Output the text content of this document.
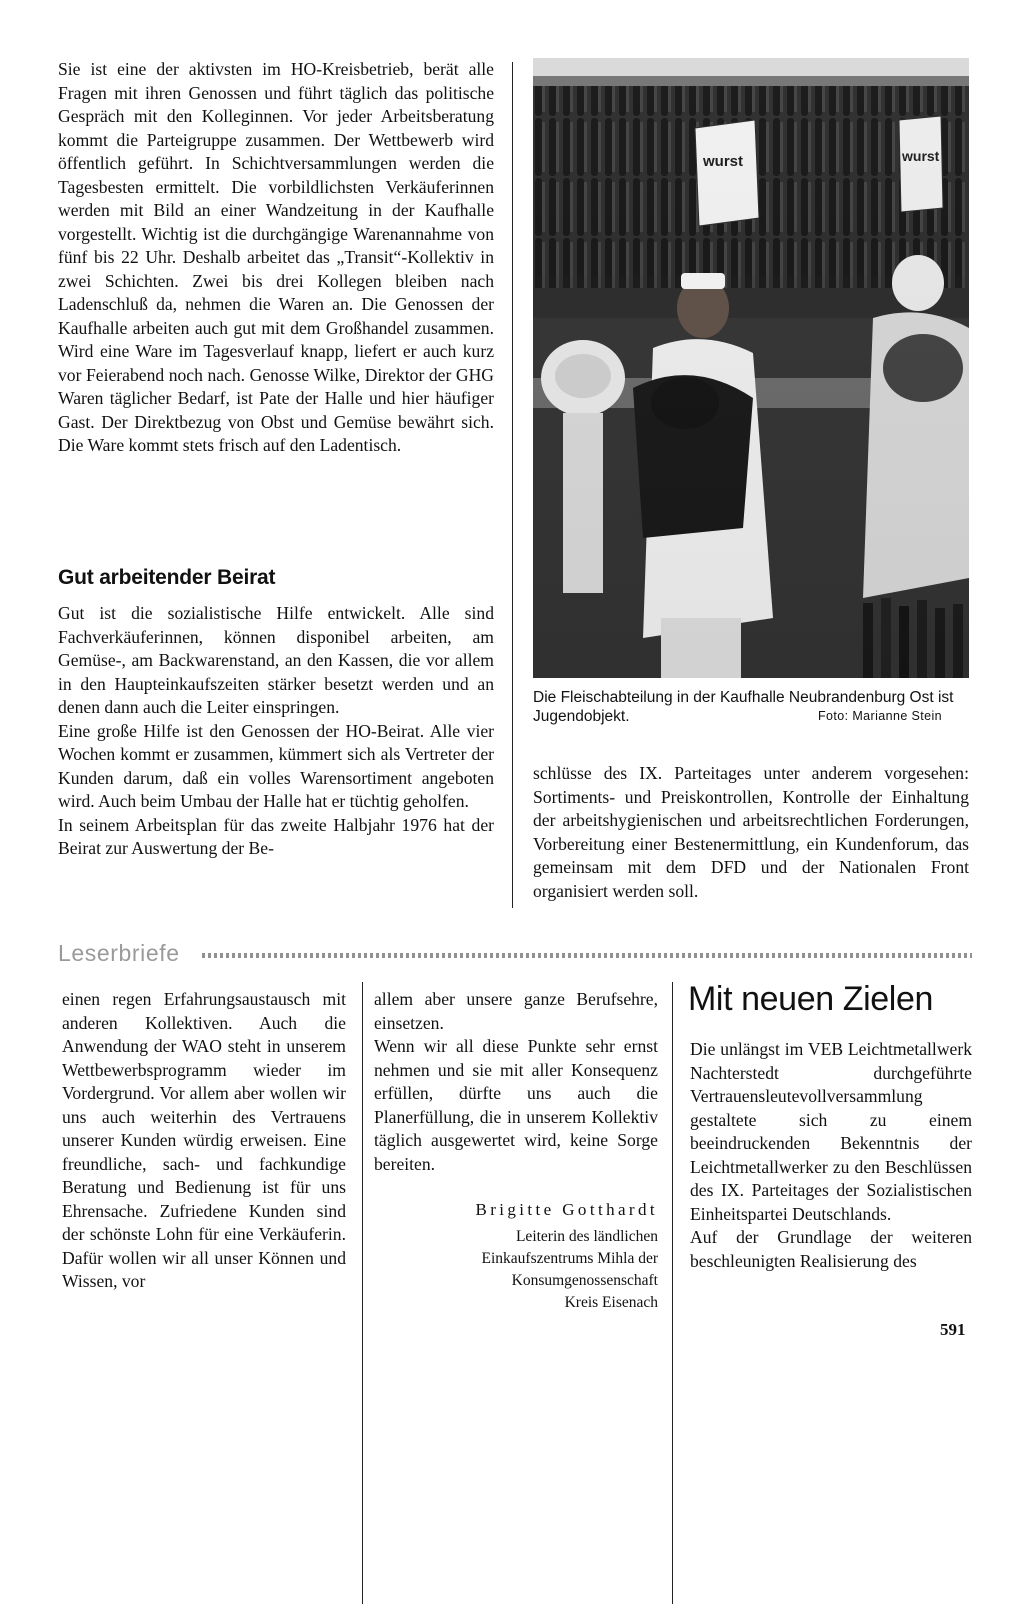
Sie ist eine der aktivsten im HO-Kreisbetrieb, berät alle Fragen mit ihren Genossen und führt täglich das politische Gespräch mit den Kolleginnen. Vor jeder Arbeitsberatung kommt die Parteigruppe zusammen. Der Wettbewerb wird öffentlich geführt. In Schichtversammlungen werden die Tagesbesten ermittelt. Die vorbildlichsten Verkäuferinnen werden mit Bild an einer Wandzeitung in der Kaufhalle vorgestellt. Wichtig ist die durchgängige Warenannahme von fünf bis 22 Uhr. Deshalb arbeitet das „Transit“-Kollektiv in zwei Schichten. Zwei bis drei Kollegen bleiben nach Ladenschluß da, nehmen die Waren an. Die Genossen der Kaufhalle arbeiten auch gut mit dem Großhandel zusammen. Wird eine Ware im Tagesverlauf knapp, liefert er auch kurz vor Feierabend noch nach. Genosse Wilke, Direktor der GHG Waren täglicher Bedarf, ist Pate der Halle und hier häufiger Gast. Der Direktbezug von Obst und Gemüse bewährt sich. Die Ware kommt stets frisch auf den Ladentisch.

Gut arbeitender Beirat

Gut ist die sozialistische Hilfe entwickelt. Alle sind Fachverkäuferinnen, können disponibel arbeiten, am Gemüse-, am Backwarenstand, an den Kassen, die vor allem in den Haupteinkaufszeiten stärker besetzt werden und an denen dann auch die Leiter einspringen.

Eine große Hilfe ist den Genossen der HO-Beirat. Alle vier Wochen kommt er zusammen, kümmert sich als Vertreter der Kunden darum, daß ein volles Warensortiment angeboten wird. Auch beim Umbau der Halle hat er tüchtig geholfen.

In seinem Arbeitsplan für das zweite Halbjahr 1976 hat der Beirat zur Auswertung der Be-

wurst	wurst
Die Fleischabteilung in der Kaufhalle Neubrandenburg Ost ist Jugendobjekt.	Foto: Marianne Stein

schlüsse des IX. Parteitages unter anderem vorgesehen: Sortiments- und Preiskontrollen, Kontrolle der Einhaltung der arbeitshygienischen und arbeitsrechtlichen Forderungen, Vorbereitung einer Bestenermittlung, ein Kundenforum, das gemeinsam mit dem DFD und der Nationalen Front organisiert werden soll.

Leserbriefe

einen regen Erfahrungsaustausch mit anderen Kollektiven. Auch die Anwendung der WAO steht in unserem Wettbewerbsprogramm wieder im Vordergrund. Vor allem aber wollen wir uns auch weiterhin des Vertrauens unserer Kunden würdig erweisen. Eine freundliche, sach- und fachkundige Beratung und Bedienung ist für uns Ehrensache. Zufriedene Kunden sind der schönste Lohn für eine Verkäuferin. Dafür wollen wir all unser Können und Wissen, vor

allem aber unsere ganze Berufsehre, einsetzen.

Wenn wir all diese Punkte sehr ernst nehmen und sie mit aller Konsequenz erfüllen, dürfte uns auch die Planerfüllung, die in unserem Kollektiv täglich ausgewertet wird, keine Sorge bereiten.

Brigitte Gotthardt
Leiterin des ländlichen
Einkaufszentrums Mihla der
Konsumgenossenschaft
Kreis Eisenach
Mit neuen Zielen

Die unlängst im VEB Leichtmetallwerk Nachterstedt durchgeführte Vertrauensleutevollversammlung gestaltete sich zu einem beeindruckenden Bekenntnis der Leichtmetallwerker zu den Beschlüssen des IX. Parteitages der Sozialistischen Einheitspartei Deutschlands.

Auf der Grundlage der weiteren beschleunigten Realisierung des

591
